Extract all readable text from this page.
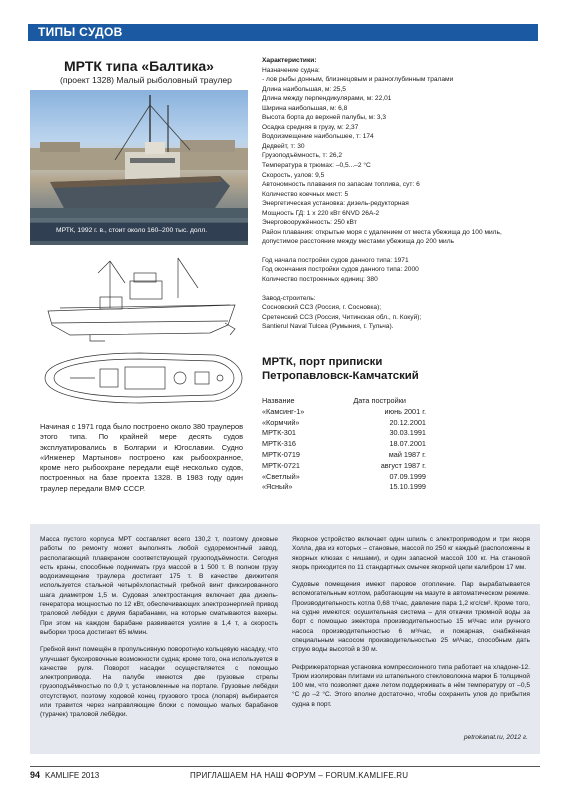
ТИПЫ СУДОВ
МРТК типа «Балтика»
(проект 1328) Малый рыболовный траулер
МРТК, 1992 г. в., стоит около 160–200 тыс. долл.
Характеристики:
Назначение судна:
- лов рыбы донным, близнецовым и разноглубинным тралами
Длина наибольшая, м: 25,5
Длина между перпендикулярами, м: 22,01
Ширина наибольшая, м: 6,8
Высота борта до верхней палубы, м: 3,3
Осадка средняя в грузу, м: 2,37
Водоизмещение наибольшее, т: 174
Дедвейт, т: 30
Грузоподъёмность, т: 26,2
Температура в трюмах: –0,5...–2 °С
Скорость, узлов: 9,5
Автономность плавания по запасам топлива, сут: 6
Количество коечных мест: 5
Энергетическая установка: дизель-редукторная
Мощность ГД: 1 х 220 кВт 6NVD 26А-2
Энерговооружённость: 250 кВт
Район плавания: открытые моря с удалением от места убежища до 100 миль,
допустимое расстояние между местами убежища до 200 миль
Год начала постройки судов данного типа: 1971
Год окончания постройки судов данного типа: 2000
Количество построенных единиц: 380
Завод-строитель:
Сосновский ССЗ (Россия, г. Сосновка);
Сретенский ССЗ (Россия, Читинская обл., п. Кокуй);
Santierul Naval Tulcea (Румыния, г. Тульча).
МРТК, порт приписки
Петропавловск-Камчатский
Название	Дата постройки
«Камсинг-1»	июнь 2001 г.
«Кормчий»	20.12.2001
МРТК-301	30.03.1991
МРТК-316	18.07.2001
МРТК-0719	май 1987 г.
МРТК-0721	август 1987 г.
«Светлый»	07.09.1999
«Ясный»	15.10.1999
Начиная с 1971 года было построено около 380 траулеров этого типа. По крайней мере десять судов эксплуатировались в Болгарии и Югославии. Судно «Инженер Мартынов» построено как рыбоохранное, кроме него рыбоохране передали ещё несколько судов, построенных на базе проекта 1328. В 1983 году один траулер передали ВМФ СССР.

Масса пустого корпуса МРТ составляет всего 130,2 т, поэтому доковые работы по ремонту может выполнять любой судоремонтный завод, располагающий плавкраном соответствующей грузоподъёмности. Сегодня есть краны, способные поднимать груз массой в 1 500 т. В полном грузу водоизмещение траулера достигает 175 т. В качестве движителя используется стальной четырёхлопастный гребной винт фиксированного шага диаметром 1,5 м. Судовая электростанция включает два дизель-генератора мощностью по 12 кВт, обеспечивающих электроэнергией привод траловой лебёдки с двумя барабанами, на которые сматываются вахеры. При этом на каждом барабане развивается усилие в 1,4 т, а скорость выборки троса достигает 65 м/мин.

Гребной винт помещён в пропульсивную поворотную кольцевую насадку, что улучшает буксировочные возможности судна; кроме того, она используется в качестве руля. Поворот насадки осуществляется с помощью электропривода. На палубе имеются две грузовые стрелы грузоподъёмностью по 0,9 т, установленные на портале. Грузовые лебёдки отсутствуют, поэтому ходовой конец грузового троса (лопаря) выбирается или травится через направляющие блоки с помощью малых барабанов (турачек) траловой лебёдки.

Якорное устройство включает один шпиль с электроприводом и три якоря Холла, два из которых – становые, массой по 250 кг каждый (расположены в якорных клюзах с нишами), и один запасной массой 100 кг. На становой якорь приходится по 11 стандартных смычек якорной цепи калибром 17 мм.

Судовые помещения имеют паровое отопление. Пар вырабатывается вспомогательным котлом, работающим на мазуте в автоматическом режиме. Производительность котла 0,68 т/час, давление пара 1,2 кгс/см². Кроме того, на судне имеются: осушительная система – для откачки трюмной воды за борт с помощью эжектора производительностью 15 м³/час или ручного насоса производительностью 6 м³/час, и пожарная, снабжённая специальным насосом производительностью 25 м³/час, способным дать струю воды высотой в 30 м.

Рефрижераторная установка компрессионного типа работает на хладоне-12. Трюм изолирован плитами из штапельного стекловолокна марки Б толщиной 100 мм, что позволяет даже летом поддерживать в нём температуру от –0,5 °С до –2 °С. Этого вполне достаточно, чтобы сохранить улов до прибытия судна в порт.

petrokanat.ru, 2012 г.
94 KAMLIFE 2013	ПРИГЛАШАЕМ НА НАШ ФОРУМ – FORUM.KAMLIFE.RU
